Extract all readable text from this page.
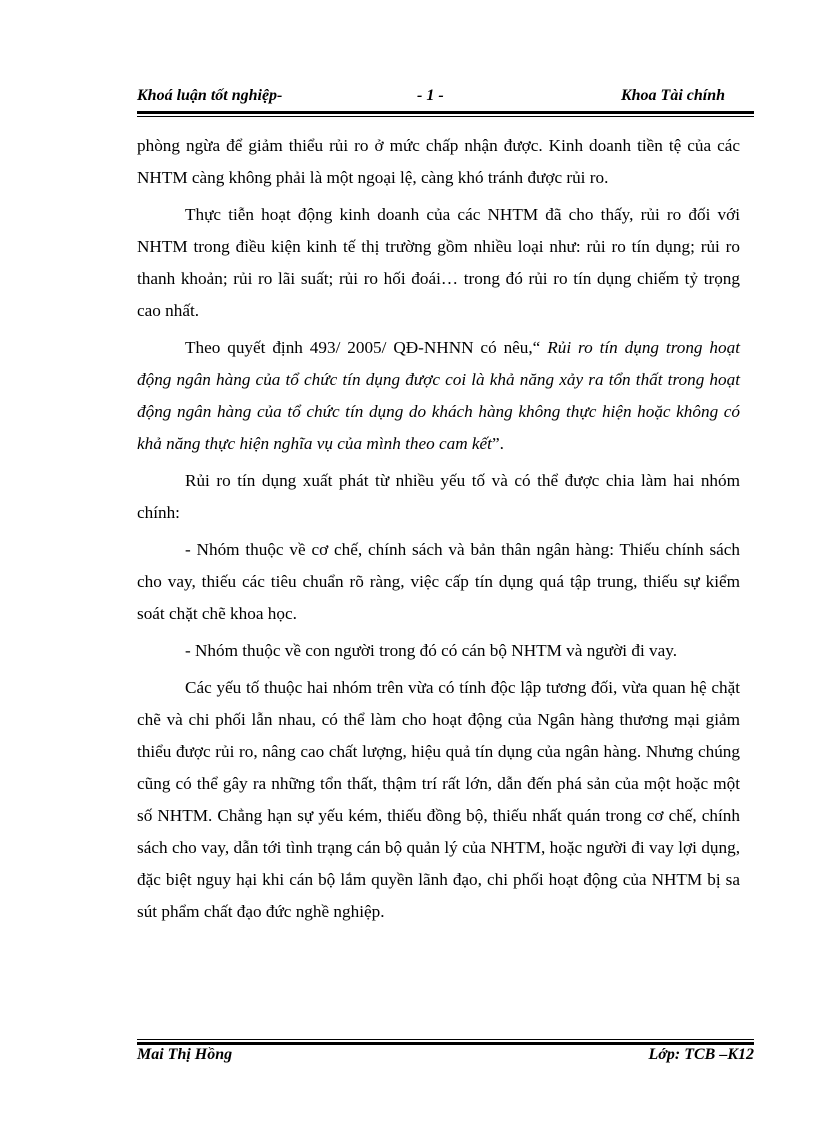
Khoá luận tốt nghiệp-	- 1 -	Khoa Tài chính

phòng ngừa để giảm thiểu rủi ro ở mức chấp nhận được. Kinh doanh tiền tệ của các NHTM càng không phải là một ngoại lệ, càng khó tránh được rủi ro.

Thực tiễn hoạt động kinh doanh của các NHTM đã cho thấy, rủi ro đối với NHTM trong điều kiện kinh tế thị trường gồm nhiều loại như: rủi ro tín dụng; rủi ro thanh khoản; rủi ro lãi suất; rủi ro hối đoái… trong đó rủi ro tín dụng chiếm tỷ trọng cao nhất.

Theo quyết định 493/ 2005/ QĐ-NHNN có nêu,“ Rủi ro tín dụng trong hoạt động ngân hàng của tổ chức tín dụng được coi là khả năng xảy ra tổn thất trong hoạt động ngân hàng của tổ chức tín dụng do khách hàng không thực hiện hoặc không có khả năng thực hiện nghĩa vụ của mình theo cam kết”.

Rủi ro tín dụng xuất phát từ nhiều yếu tố và có thể được chia làm hai nhóm chính:

- Nhóm thuộc về cơ chế, chính sách và bản thân ngân hàng: Thiếu chính sách cho vay, thiếu các tiêu chuẩn rõ ràng, việc cấp tín dụng quá tập trung, thiếu sự kiểm soát chặt chẽ khoa học.

- Nhóm thuộc về con người trong đó có cán bộ NHTM và người đi vay.

Các yếu tố thuộc hai nhóm trên vừa có tính độc lập tương đối, vừa quan hệ chặt chẽ và chi phối lẫn nhau, có thể làm cho hoạt động của Ngân hàng thương mại giảm thiểu được rủi ro, nâng cao chất lượng, hiệu quả tín dụng của ngân hàng. Nhưng chúng cũng có thể gây ra những tổn thất, thậm trí rất lớn, dẫn đến phá sản của một hoặc một số NHTM. Chẳng hạn sự yếu kém, thiếu đồng bộ, thiếu nhất quán trong cơ chế, chính sách cho vay, dẫn tới tình trạng cán bộ quản lý của NHTM, hoặc người đi vay lợi dụng, đặc biệt nguy hại khi cán bộ lắm quyền lãnh đạo, chi phối hoạt động của NHTM bị sa sút phẩm chất đạo đức nghề nghiệp.

Mai Thị Hồng	Lớp: TCB –K12
